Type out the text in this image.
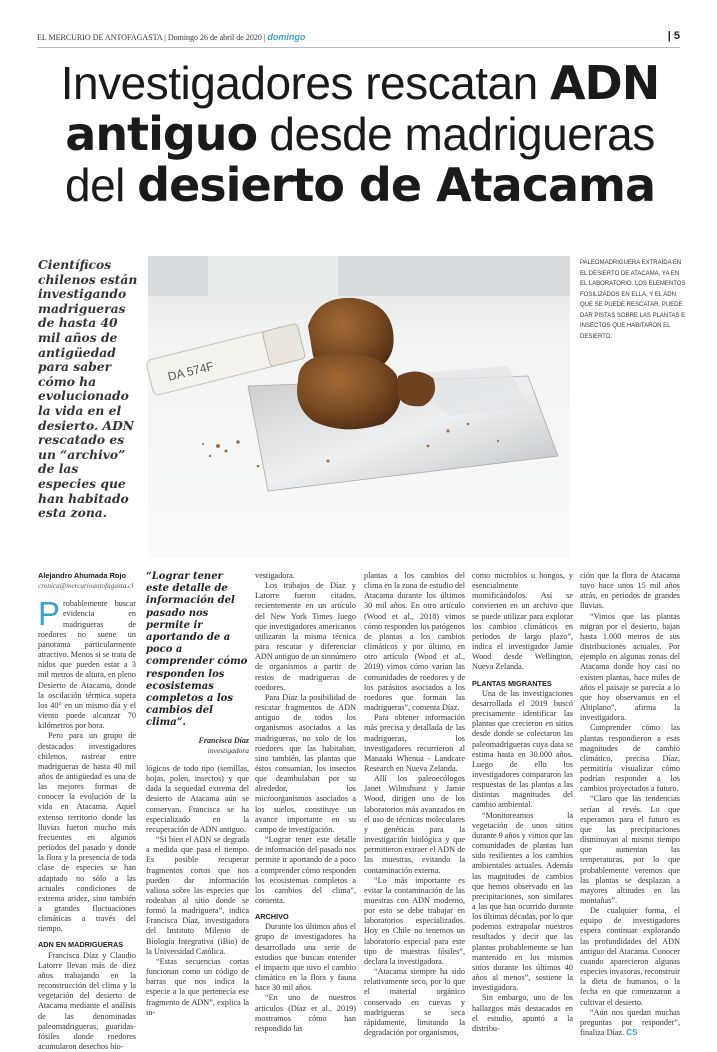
EL MERCURIO DE ANTOFAGASTA | Domingo 26 de abril de 2020 | domingo	| 5
Investigadores rescatan ADN antiguo desde madrigueras del desierto de Atacama
Científicos chilenos están investigando madrigueras de hasta 40 mil años de antigüedad para saber cómo ha evolucionado la vida en el desierto. ADN rescatado es un “archivo” de las especies que han habitado esta zona.
DA 574F
PALEOMADRIGUERA EXTRAÍDA EN EL DESIERTO DE ATACAMA, YA EN EL LABORATORIO. LOS ELEMENTOS FOSILIZADOS EN ELLA, Y EL ADN QUE SE PUEDE RESCATAR, PUEDE DAR PISTAS SOBRE LAS PLANTAS E INSECTOS QUE HABITARON EL DESIERTO.
Alejandro Ahumada Rojo
cronica@mercurioantofagasta.cl

Probablemente buscar evidencia en madrigueras de roedores no suene un panorama particularmente atractivo. Menos si se trata de nidos que pueden estar a 3 mil metros de altura, en pleno Desierto de Atacama, donde la oscilación térmica supera los 40° en un mismo día y el viento puede alcanzar 70 kilómetros por hora.

Pero para un grupo de destacados investigadores chilenos, rastrear entre madrigueras de hasta 40 mil años de antigüedad es una de las mejores formas de conocer la evolución de la vida en Atacama. Aquel extenso territorio donde las lluvias fueron mucho más frecuentes en algunos periodos del pasado y donde la flora y la presencia de toda clase de especies se han adaptado no sólo a las actuales condiciones de extrema aridez, sino también a grandes fluctuaciones climáticas a través del tiempo.

ADN EN MADRIGUERAS

Francisca Díaz y Claudio Latorre llevan más de diez años trabajando en la reconstrucción del clima y la vegetación del desierto de Atacama mediante el análisis de las denominadas paleomadrigueras, guaridas-fósiles donde roedores acumularon desechos bio-

“Lograr tener este detalle de información del pasado nos permite ir aportando de a poco a comprender cómo responden los ecosistemas completos a los cambios del clima”.
Francisca Díaz
investigadora

lógicos de todo tipo (semillas, hojas, polen, insectos) y que dada la sequedad extrema del desierto de Atacama aún se conservan. Francisca se ha especializado en la recuperación de ADN antiguo.

“Si bien el ADN se degrada a medida que pasa el tiempo. Es posible recuperar fragmentos cortos que nos pueden dar información valiosa sobre las especies que rodeaban al sitio donde se formó la madriguera”, indica Francisca Díaz, investigadora del Instituto Milenio de Biología Integrativa (iBio) de la Universidad Católica.

“Estas secuencias cortas funcionan como un código de barras que nos indica la especie a la que pertenecía ese fragmento de ADN”, explica la in-

vestigadora.

Los trabajos de Díaz y Latorre fueron citados, recientemente en un artículo del New York Times luego que investigadores americanos utilizaran la misma técnica para rescatar y diferenciar ADN antiguo de un sinnúmero de organismos a partir de restos de madrigueras de roedores.

Para Díaz la posibilidad de rescatar fragmentos de ADN antiguo de todos los organismos asociados a las madrigueras, no solo de los roedores que las habitaban, sino también, las plantas que éstos consumían, los insectos que deambulaban por su alrededor, los microorganismos asociados a los suelos, constituye un avance importante en su campo de investigación.

“Lograr tener este detalle de información del pasado nos permite ir aportando de a poco a comprender cómo responden los ecosistemas completos a los cambios del clima”, comenta.

ARCHIVO

Durante los últimos años el grupo de investigadores ha desarrollado una serie de estudios que buscan entender el impacto que tuvo el cambio climático en la flora y fauna hace 30 mil años.

“En uno de nuestros artículos (Díaz et al., 2019) mostramos cómo han respondido las

plantas a los cambios del clima en la zona de estudio del Atacama durante los últimos 30 mil años. En otro artículo (Wood et al., 2018) vimos cómo responden los patógenos de plantas a los cambios climáticos y por último, en otro artículo (Wood et al., 2019) vimos cómo varían las comunidades de roedores y de los parásitos asociados a los roedores que forman las madrigueras”, comenta Díaz.

Para obtener información más precisa y detallada de las madrigueras, los investigadores recurrieron al Manaaki Whenua - Landcare Research en Nueva Zelanda.

Allí los paleoecólogos Janet Wilmshurst y Jamie Wood, dirigen uno de los laboratorios más avanzados en el uso de técnicas moleculares y genéticas para la investigación biológica y que permitieron extraer el ADN de las muestras, evitando la contaminación externa.

“Lo más importante es evitar la contaminación de las muestras con ADN moderno, por esto se debe trabajar en laboratorios especializados. Hoy en Chile no tenemos un laboratorio especial para este tipo de muestras fósiles”, declara la investigadora.

“Atacama siempre ha sido relativamente seco, por lo que el material orgánico conservado en cuevas y madrigueras se seca rápidamente, limitando la degradación por organismos,

como microbios u hongos, y esencialmente momificándolos. Así se convierten en un archivo que se puede utilizar para explorar los cambios climáticos en periodos de largo plazo”, indica el investigador Jamie Wood desde Wellington, Nueva Zelanda.

PLANTAS MIGRANTES

Una de las investigaciones desarrollada el 2019 buscó precisamente identificar las plantas que crecieron en sitios desde donde se colectaron las paleomadrigueras cuya data se estima hasta en 30.000 años. Luego de ello los investigadores compararon las respuestas de las plantas a las distintas magnitudes del cambio ambiental.

“Monitoreamos la vegetación de unos sitios durante 9 años y vimos que las comunidades de plantas han sido resilientes a los cambios ambientales actuales. Además las magnitudes de cambios que hemos observado en las precipitaciones, son similares a las que han ocurrido durante los últimas décadas, por lo que podemos extrapolar nuestros resultados y decir que las plantas probablemente se han mantenido en los mismos sitios durante los últimos 40 años al menos”, sostiene la investigadora.

Sin embargo, uno de los hallazgos más destacados en el estudio, apuntó a la distribu-

ción que la flora de Atacama tuvo hace unos 15 mil años atrás, en periodos de grandes lluvias.

“Vimos que las plantas migran por el desierto, bajan hasta 1.000 metros de sus distribuciones actuales. Por ejemplo en algunas zonas del Atacama donde hoy casi no existen plantas, hace miles de años el paisaje se parecía a lo que hoy observamos en el Altiplano”, afirma la investigadora.

Comprender cómo las plantas respondieron a esas magnitudes de cambio climático, precisa Díaz, permitiría visualizar cómo podrían responder a los cambios proyectados a futuro.

“Claro que las tendencias serían al revés. Lo que esperamos para el futuro es que las precipitaciones disminuyan al mismo tiempo que aumentan las temperaturas, por lo que probablemente veremos que las plantas se desplazan a mayores altitudes en las montañas”.

De cualquier forma, el equipo de investigadores espera continuar explorando las profundidades del ADN antiguo del Atacama. Conocer cuando aparecieron algunas especies invasoras, reconstruir la dieta de humanos, o la fecha en que comenzaron a cultivar el desierto.

“Aún nos quedan muchas preguntas por responder”, finaliza Díaz. CS
